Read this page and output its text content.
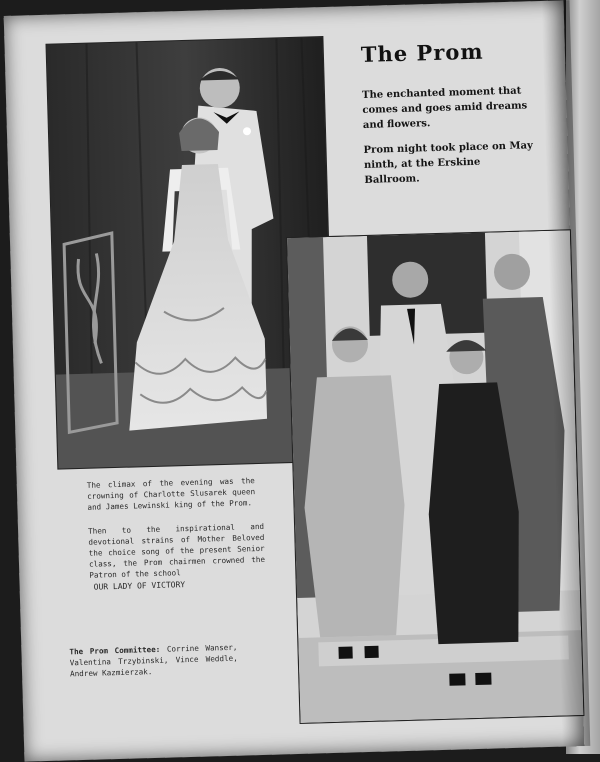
The Prom

The enchanted moment that comes and goes amid dreams and flowers.

Prom night took place on May ninth, at the Erskine Ballroom.

The climax of the evening was the crowning of Charlotte Slusarek queen and James Lewinski king of the Prom.

Then to the inspirational and devotional strains of Mother Beloved the choice song of the present Senior class, the Prom chairmen crowned the Patron of the school

OUR LADY OF VICTORY

The Prom Committee: Corrine Wanser, Valentina Trzybinski, Vince Weddle, Andrew Kazmierzak.
